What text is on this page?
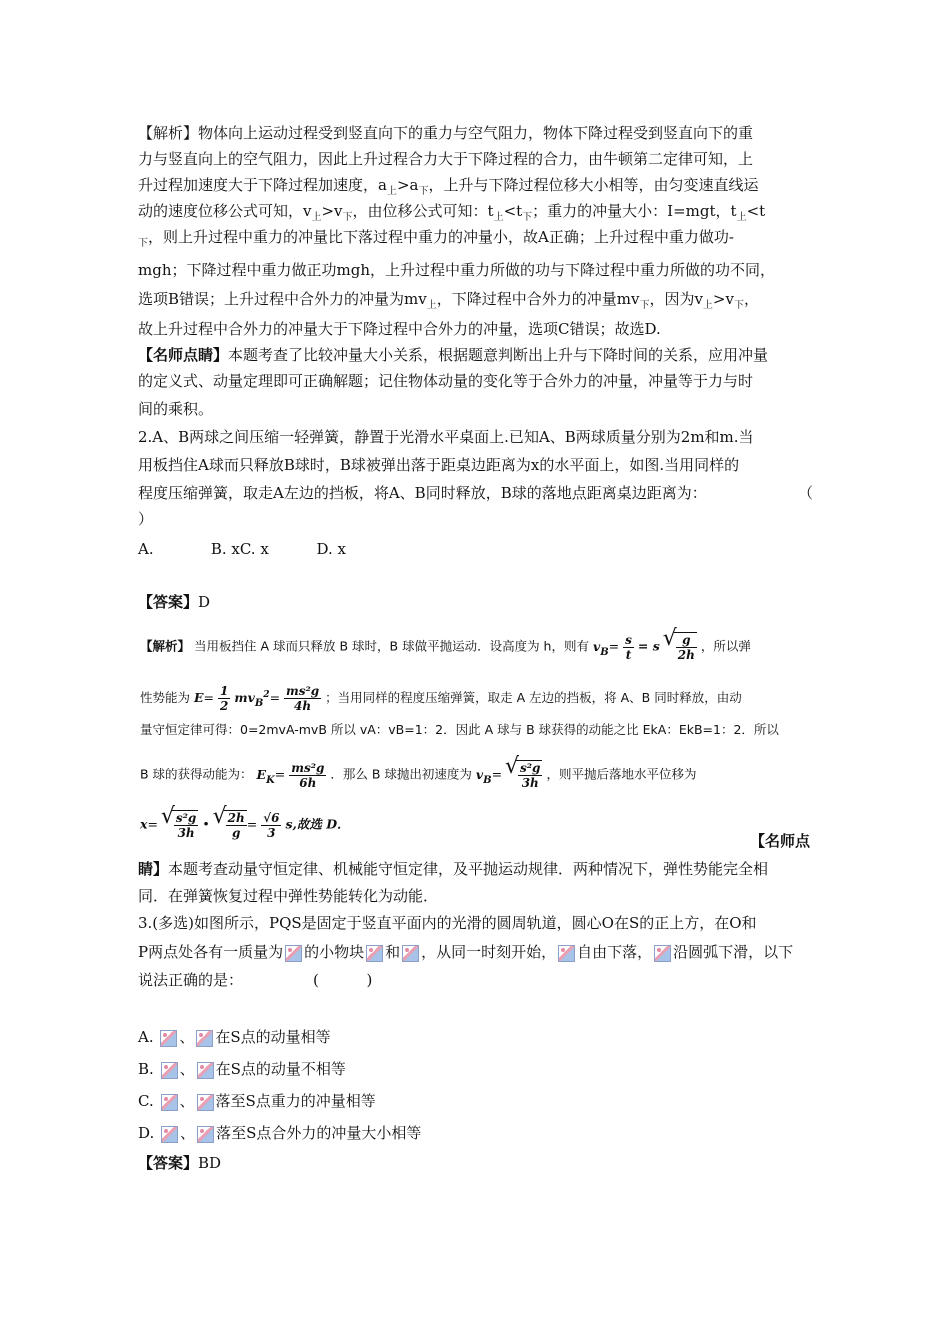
【解析】物体向上运动过程受到竖直向下的重力与空气阻力，物体下降过程受到竖直向下的重
力与竖直向上的空气阻力，因此上升过程合力大于下降过程的合力，由牛顿第二定律可知，上
升过程加速度大于下降过程加速度，$a_上>a_下$，上升与下降过程位移大小相等，由匀变速直线运
动的速度位移公式可知，$v_上>v_下$，由位移公式可知：$t_上<t_下$；重力的冲量大小：I=mgt，$t_上<t$
$_下$，则上升过程中重力的冲量比下落过程中重力的冲量小，故A正确；上升过程中重力做功-
mgh；下降过程中重力做正功mgh，上升过程中重力所做的功与下降过程中重力所做的功不同，
选项B错误；上升过程中合外力的冲量为$mv_上$，下降过程中合外力的冲量$mv_下$，因为$v_上>v_下$，
故上升过程中合外力的冲量大于下降过程中合外力的冲量，选项C错误；故选D.
【名师点睛】本题考查了比较冲量大小关系，根据题意判断出上升与下降时间的关系，应用冲量
的定义式、动量定理即可正确解题；记住物体动量的变化等于合外力的冲量，冲量等于力与时
间的乘积。
2.A、B两球之间压缩一轻弹簧，静置于光滑水平桌面上.已知A、B两球质量分别为2m和m.当
用板挡住A球而只释放B球时，B球被弹出落于距桌边距离为x的水平面上，如图.当用同样的
程度压缩弹簧，取走A左边的挡板，将A、B同时释放，B球的落地点距离桌边距离为：	（
）
A.            B. xC. x          D. x
【答案】D
【解析】 当用板挡住 A 球而只释放 B 球时，B 球做平抛运动．设高度为 h，则有 $v_B= \frac{s}{t} = s$ √ $\frac{g}{2h}$ ，所以弹
性势能为 $E= \frac{1}{2} mv_B^2= \frac{\text{ms²g}}{4h}$ ；当用同样的程度压缩弹簧，取走 A 左边的挡板，将 A、B 同时释放，由动
量守恒定律可得：0=2mvA-mvB 所以 vA：vB=1：2．因此 A 球与 B 球获得的动能之比 EkA：EkB=1：2．所以
B 球的获得动能为： $E_K= \frac{\text{ms²g}}{6h}$ ．那么 B 球抛出初速度为 $v_B=$ √ $\frac{\text{s²g}}{3h}$ ，则平抛后落地水平位移为
x= √ $\frac{\text{s²g}}{3h}$ • √ $\frac{2h}{g} = \frac{√6}{3} s$,故选 D．
【名师点
睛】本题考查动量守恒定律、机械能守恒定律，及平抛运动规律．两种情况下，弹性势能完全相
同．在弹簧恢复过程中弹性势能转化为动能．
3.(多选)如图所示，PQS是固定于竖直平面内的光滑的圆周轨道，圆心O在S的正上方，在O和
P两点处各有一质量为 的小物块 和 ，从同一时刻开始， 自由下落， 沿圆弧下滑，以下
说法正确的是：	(          )
A. 、 在S点的动量相等
B. 、 在S点的动量不相等
C. 、 落至S点重力的冲量相等
D. 、 落至S点合外力的冲量大小相等
【答案】BD
